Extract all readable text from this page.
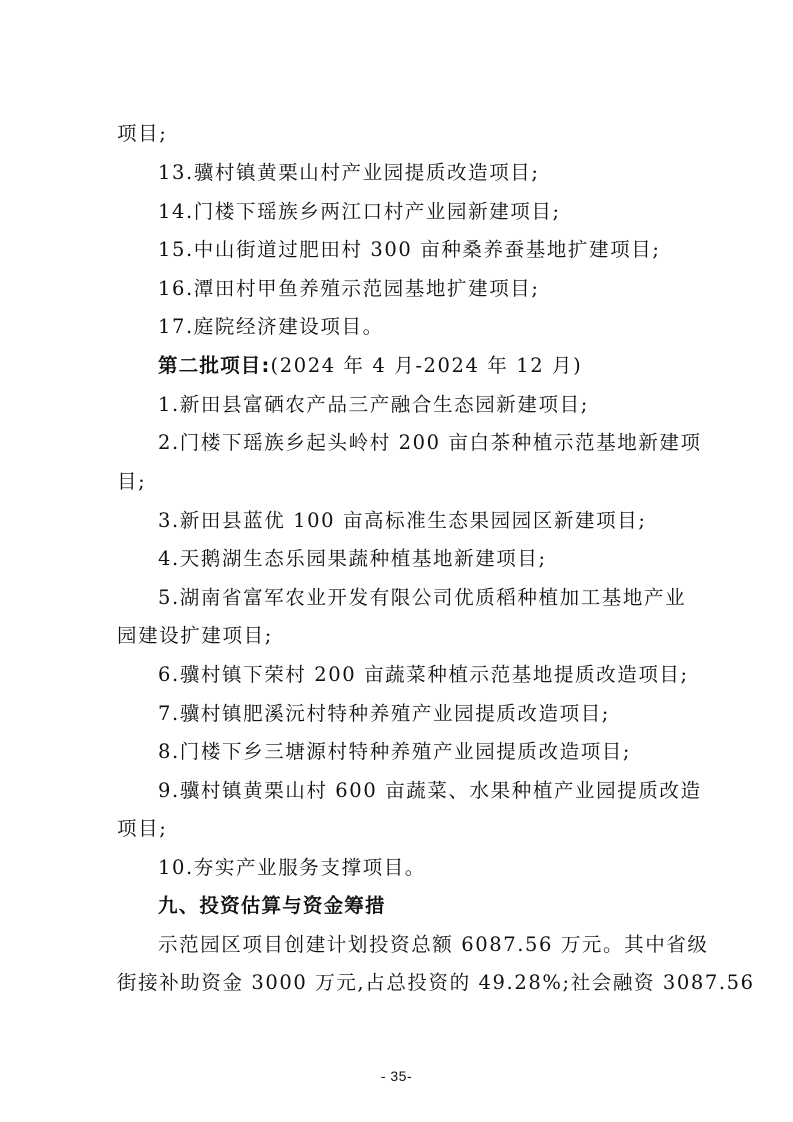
项目;
13.骥村镇黄栗山村产业园提质改造项目;
14.门楼下瑶族乡两江口村产业园新建项目;
15.中山街道过肥田村 300 亩种桑养蚕基地扩建项目;
16.潭田村甲鱼养殖示范园基地扩建项目;
17.庭院经济建设项目。
第二批项目:(2024 年 4 月-2024 年 12 月)
1.新田县富硒农产品三产融合生态园新建项目;
2.门楼下瑶族乡起头岭村 200 亩白茶种植示范基地新建项
目;
3.新田县蓝优 100 亩高标准生态果园园区新建项目;
4.天鹅湖生态乐园果蔬种植基地新建项目;
5.湖南省富军农业开发有限公司优质稻种植加工基地产业
园建设扩建项目;
6.骥村镇下荣村 200 亩蔬菜种植示范基地提质改造项目;
7.骥村镇肥溪沅村特种养殖产业园提质改造项目;
8.门楼下乡三塘源村特种养殖产业园提质改造项目;
9.骥村镇黄栗山村 600 亩蔬菜、水果种植产业园提质改造
项目;
10.夯实产业服务支撑项目。
九、投资估算与资金筹措
示范园区项目创建计划投资总额 6087.56 万元。其中省级
街接补助资金 3000 万元,占总投资的 49.28%;社会融资 3087.56
- 35-
